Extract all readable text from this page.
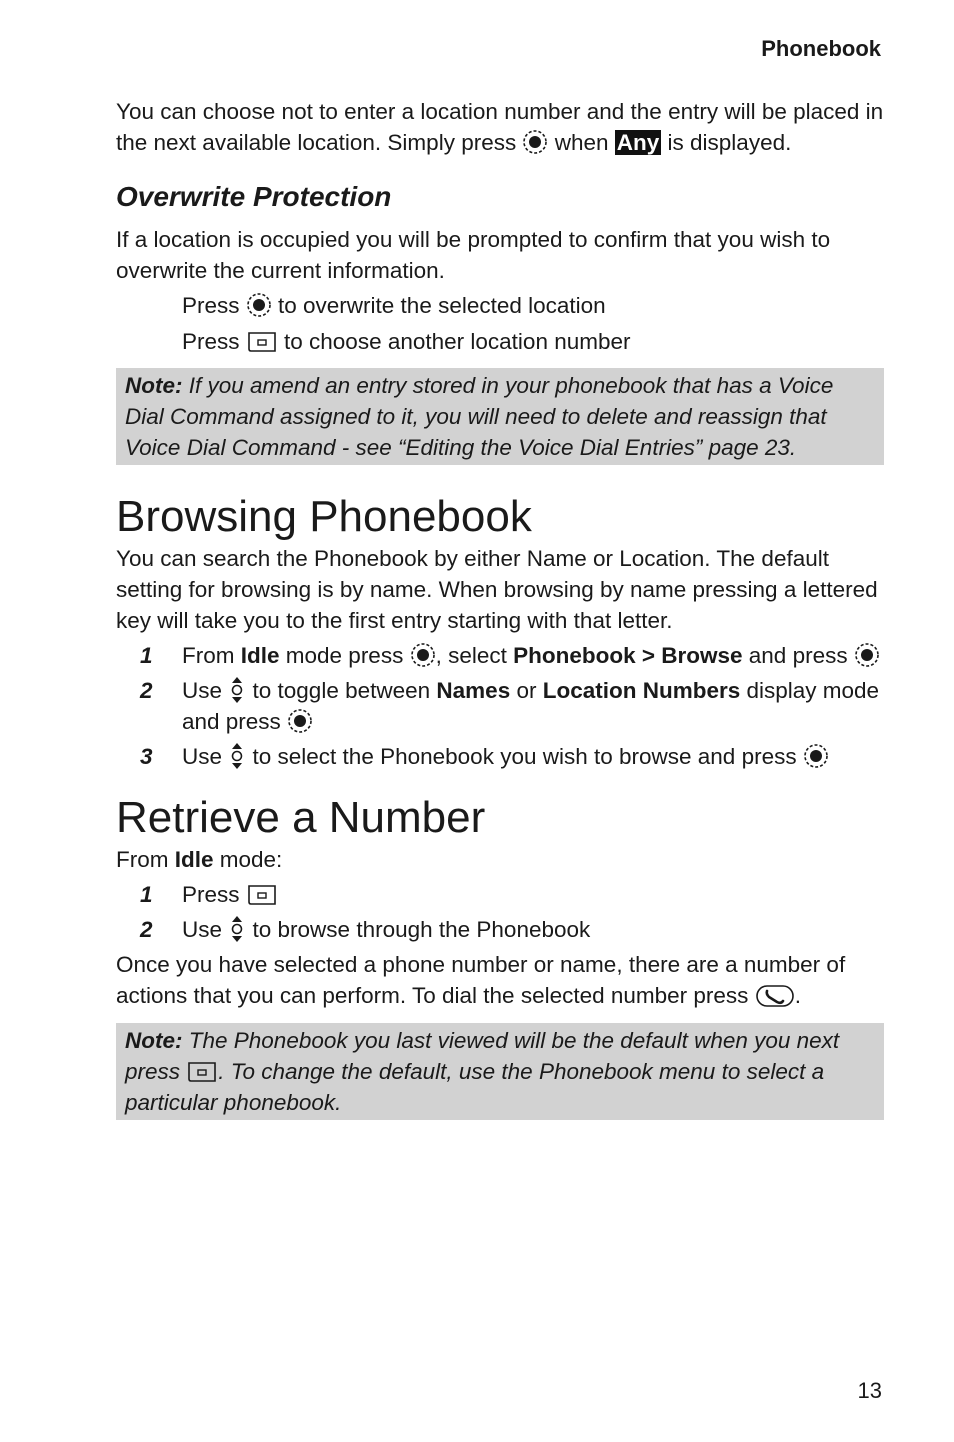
Phonebook

You can choose not to enter a location number and the entry will be placed in the next available location. Simply press  when Any is displayed.

Overwrite Protection

If a location is occupied you will be prompted to confirm that you wish to overwrite the current information.

Press  to overwrite the selected location

Press  to choose another location number

Note: If you amend an entry stored in your phonebook that has a Voice Dial Command assigned to it, you will need to delete and reassign that Voice Dial Command - see “Editing the Voice Dial Entries” page 23.

Browsing Phonebook

You can search the Phonebook by either Name or Location. The default setting for browsing is by name. When browsing by name pressing a lettered key will take you to the first entry starting with that letter.

1	From Idle mode press , select Phonebook > Browse and press
2	Use  to toggle between Names or Location Numbers display mode and press
3	Use  to select the Phonebook you wish to browse and press
Retrieve a Number

From Idle mode:

1	Press
2	Use  to browse through the Phonebook

Once you have selected a phone number or name, there are a number of actions that you can perform. To dial the selected number press .

Note: The Phonebook you last viewed will be the default when you next press . To change the default, use the Phonebook menu to select a particular phonebook.

13
